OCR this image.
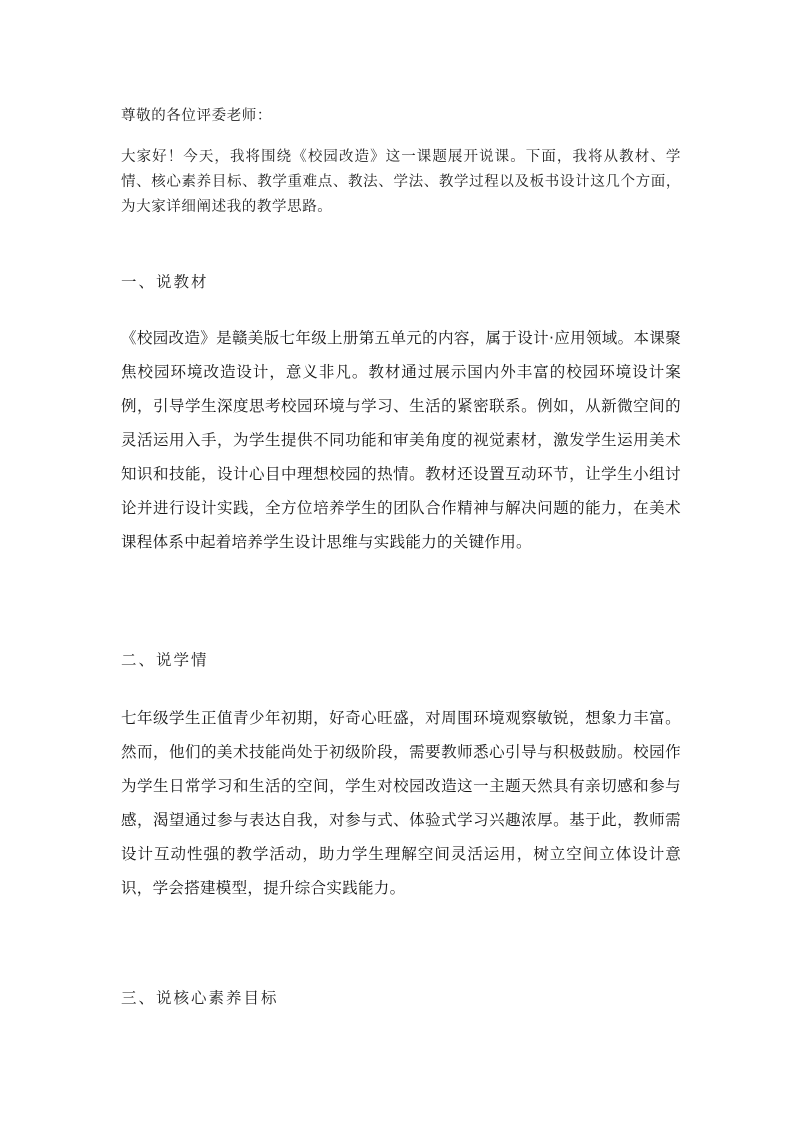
尊敬的各位评委老师：
大家好！今天，我将围绕《校园改造》这一课题展开说课。下面，我将从教材、学情、核心素养目标、教学重难点、教法、学法、教学过程以及板书设计这几个方面，为大家详细阐述我的教学思路。
一、说教材
《校园改造》是赣美版七年级上册第五单元的内容，属于设计·应用领域。本课聚焦校园环境改造设计，意义非凡。教材通过展示国内外丰富的校园环境设计案例，引导学生深度思考校园环境与学习、生活的紧密联系。例如，从新微空间的灵活运用入手，为学生提供不同功能和审美角度的视觉素材，激发学生运用美术知识和技能，设计心目中理想校园的热情。教材还设置互动环节，让学生小组讨论并进行设计实践，全方位培养学生的团队合作精神与解决问题的能力，在美术课程体系中起着培养学生设计思维与实践能力的关键作用。
二、说学情
七年级学生正值青少年初期，好奇心旺盛，对周围环境观察敏锐，想象力丰富。然而，他们的美术技能尚处于初级阶段，需要教师悉心引导与积极鼓励。校园作为学生日常学习和生活的空间，学生对校园改造这一主题天然具有亲切感和参与感，渴望通过参与表达自我，对参与式、体验式学习兴趣浓厚。基于此，教师需设计互动性强的教学活动，助力学生理解空间灵活运用，树立空间立体设计意识，学会搭建模型，提升综合实践能力。
三、说核心素养目标
